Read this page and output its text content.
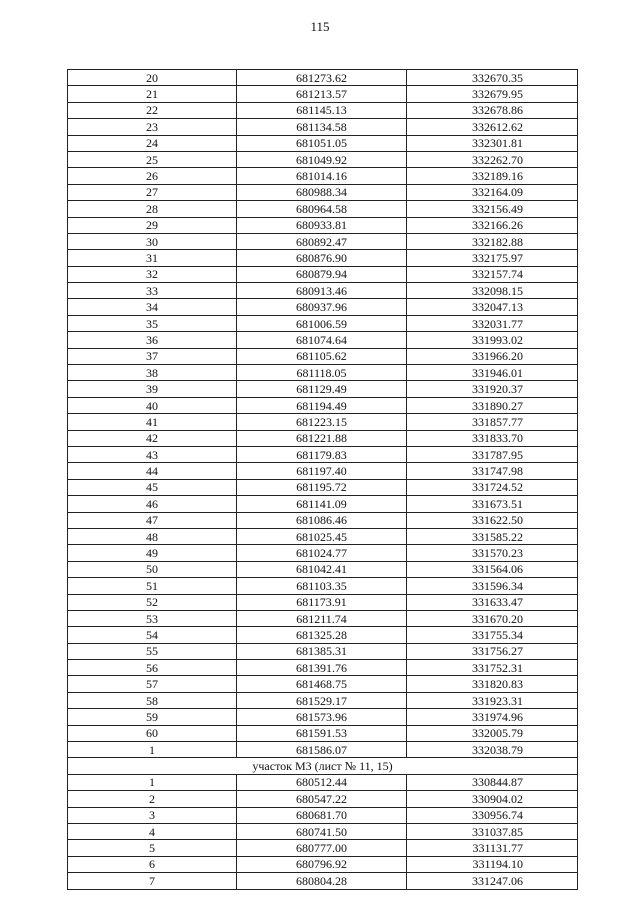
115
20	681273.62	332670.35
21	681213.57	332679.95
22	681145.13	332678.86
23	681134.58	332612.62
24	681051.05	332301.81
25	681049.92	332262.70
26	681014.16	332189.16
27	680988.34	332164.09
28	680964.58	332156.49
29	680933.81	332166.26
30	680892.47	332182.88
31	680876.90	332175.97
32	680879.94	332157.74
33	680913.46	332098.15
34	680937.96	332047.13
35	681006.59	332031.77
36	681074.64	331993.02
37	681105.62	331966.20
38	681118.05	331946.01
39	681129.49	331920.37
40	681194.49	331890.27
41	681223.15	331857.77
42	681221.88	331833.70
43	681179.83	331787.95
44	681197.40	331747.98
45	681195.72	331724.52
46	681141.09	331673.51
47	681086.46	331622.50
48	681025.45	331585.22
49	681024.77	331570.23
50	681042.41	331564.06
51	681103.35	331596.34
52	681173.91	331633.47
53	681211.74	331670.20
54	681325.28	331755.34
55	681385.31	331756.27
56	681391.76	331752.31
57	681468.75	331820.83
58	681529.17	331923.31
59	681573.96	331974.96
60	681591.53	332005.79
1	681586.07	332038.79
участок М3 (лист № 11, 15)		
1	680512.44	330844.87
2	680547.22	330904.02
3	680681.70	330956.74
4	680741.50	331037.85
5	680777.00	331131.77
6	680796.92	331194.10
7	680804.28	331247.06
